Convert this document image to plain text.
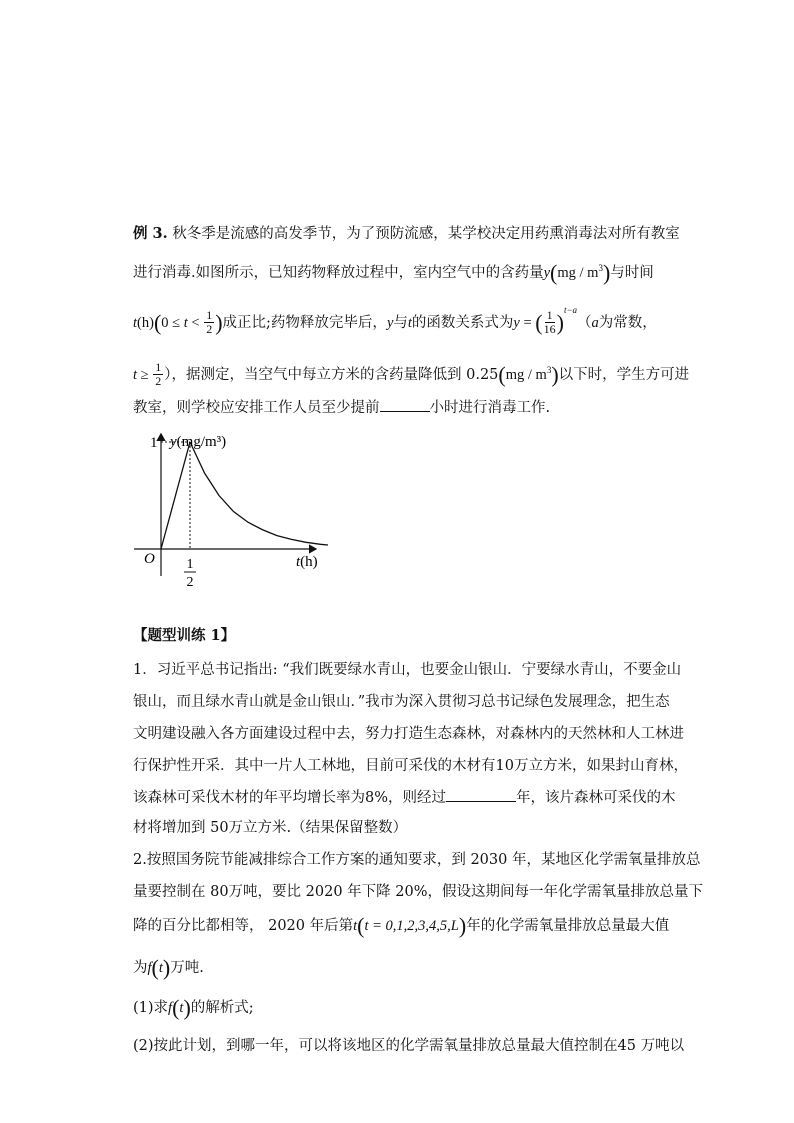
例 3. 秋冬季是流感的高发季节，为了预防流感，某学校决定用药熏消毒法对所有教室
进行消毒.如图所示，已知药物释放过程中，室内空气中的含药量$y(mg / m^3)$与时间
$t(h)(0 \le t < \frac{1}{2}$ )成正比;药物释放完毕后，y与t的函数关系式为y = ( $\frac{1}{16} )^{t-a}(a$为常数，
$t \ge \frac{1}{2}$ ），据测定，当空气中每立方米的含药量降低到 $0.25(mg / m^3)$以下时，学生方可进
教室，则学校应安排工作人员至少提前	小时进行消毒工作.
y(mg/m³)
t(h)
O
1
1
2
【题型训练 1】
1．习近平总书记指出: “我们既要绿水青山，也要金山银山．宁要绿水青山，不要金山
银山，而且绿水青山就是金山银山．”我市为深入贯彻习总书记绿色发展理念，把生态
文明建设融入各方面建设过程中去，努力打造生态森林，对森林内的天然林和人工林进
行保护性开采．其中一片人工林地，目前可采伐的木材有10万立方米，如果封山育林，
该森林可采伐木材的年平均增长率为8%，则经过	年，该片森林可采伐的木
材将增加到 50万立方米.（结果保留整数）
2.按照国务院节能减排综合工作方案的通知要求，到 2030 年，某地区化学需氧量排放总
量要控制在 80万吨，要比 2020 年下降 20%，假设这期间每一年化学需氧量排放总量下
降的百分比都相等， 2020 年后第t(t = 0,1,2,3,4,5,L)年的化学需氧量排放总量最大值
为f(t)万吨.
(1)求f(t)的解析式;
(2)按此计划，到哪一年，可以将该地区的化学需氧量排放总量最大值控制在45 万吨以
